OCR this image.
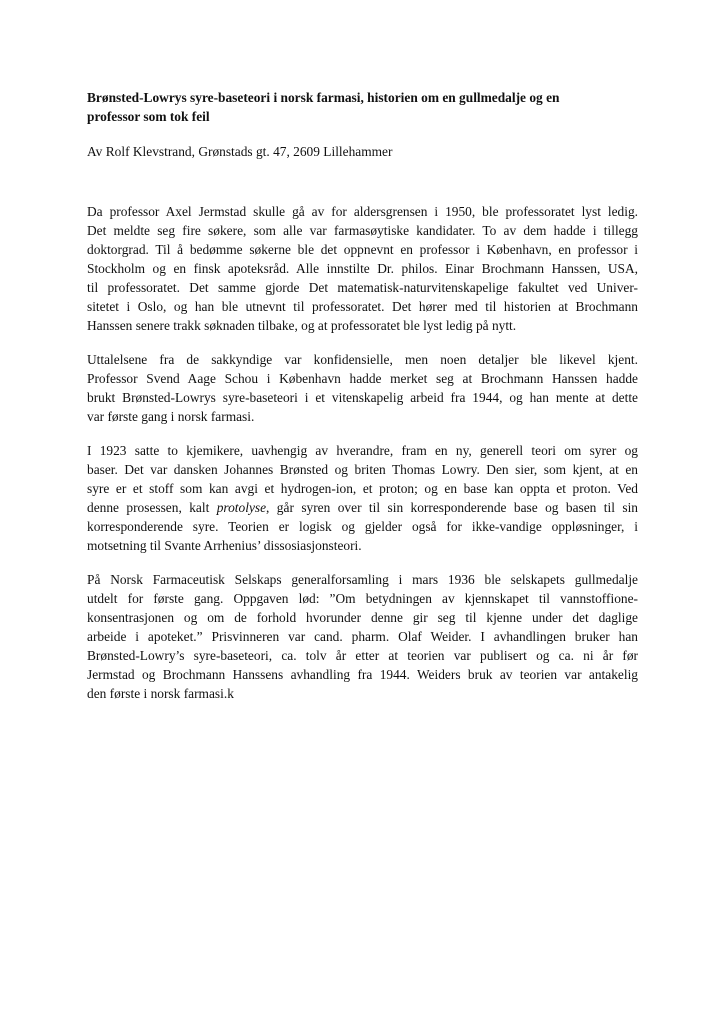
Brønsted-Lowrys syre-baseteori i norsk farmasi, historien om en gullmedalje og en
professor som tok feil

Av Rolf Klevstrand, Grønstads gt. 47, 2609 Lillehammer

Da professor Axel Jermstad skulle gå av for aldersgrensen i 1950, ble professoratet lyst ledig.
Det meldte seg fire søkere, som alle var farmasøytiske kandidater. To av dem hadde i tillegg
doktorgrad. Til å bedømme søkerne ble det oppnevnt en professor i København, en professor i
Stockholm og en finsk apoteksråd. Alle innstilte Dr. philos. Einar Brochmann Hanssen, USA,
til professoratet. Det samme gjorde Det matematisk-naturvitenskapelige fakultet ved Univer-
sitetet i Oslo, og han ble utnevnt til professoratet. Det hører med til historien at Brochmann
Hanssen senere trakk søknaden tilbake, og at professoratet ble lyst ledig på nytt.

Uttalelsene fra de sakkyndige var konfidensielle, men noen detaljer ble likevel kjent.
Professor Svend Aage Schou i København hadde merket seg at Brochmann Hanssen hadde
brukt Brønsted-Lowrys syre-baseteori i et vitenskapelig arbeid fra 1944, og han mente at dette
var første gang i norsk farmasi.

I 1923 satte to kjemikere, uavhengig av hverandre, fram en ny, generell teori om syrer og
baser. Det var dansken Johannes Brønsted og briten Thomas Lowry. Den sier, som kjent, at en
syre er et stoff som kan avgi et hydrogen-ion, et proton; og en base kan oppta et proton. Ved
denne prosessen, kalt protolyse, går syren over til sin korresponderende base og basen til sin
korresponderende syre. Teorien er logisk og gjelder også for ikke-vandige oppløsninger, i
motsetning til Svante Arrhenius’ dissosiasjonsteori.

På Norsk Farmaceutisk Selskaps generalforsamling i mars 1936 ble selskapets gullmedalje
utdelt for første gang. Oppgaven lød: ”Om betydningen av kjennskapet til vannstoffione-
konsentrasjonen og om de forhold hvorunder denne gir seg til kjenne under det daglige
arbeide i apoteket.” Prisvinneren var cand. pharm. Olaf Weider. I avhandlingen bruker han
Brønsted-Lowry’s syre-baseteori, ca. tolv år etter at teorien var publisert og ca. ni år før
Jermstad og Brochmann Hanssens avhandling fra 1944. Weiders bruk av teorien var antakelig
den første i norsk farmasi.k
